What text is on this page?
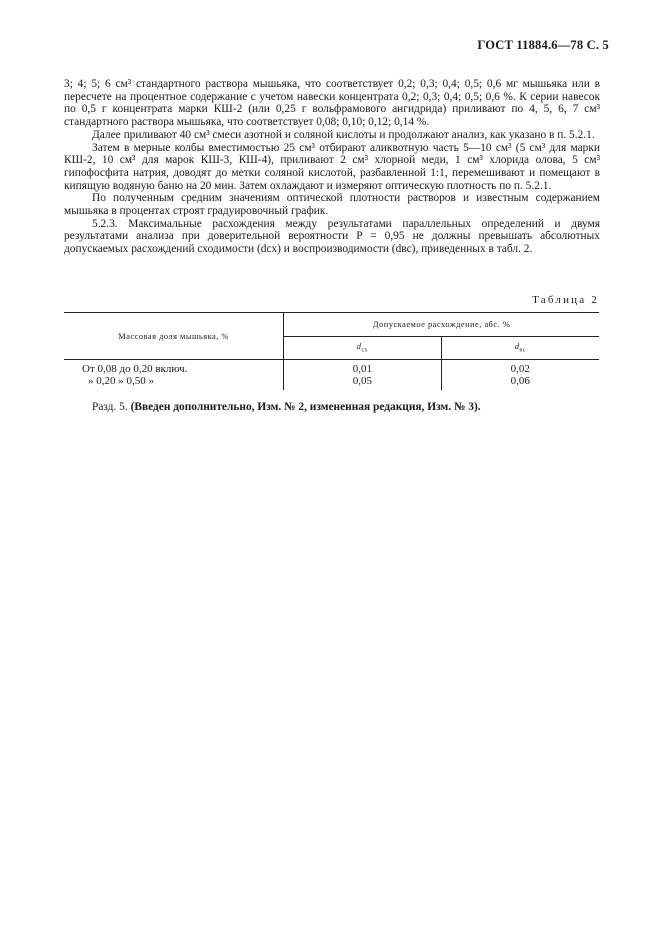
ГОСТ 11884.6—78 С. 5

3; 4; 5; 6 см³ стандартного раствора мышьяка, что соответствует 0,2; 0,3; 0,4; 0,5; 0,6 мг мышьяка или в пересчете на процентное содержание с учетом навески концентрата 0,2; 0,3; 0,4; 0,5; 0,6 %. К серии навесок по 0,5 г концентрата марки КШ-2 (или 0,25 г вольфрамового ангидрида) приливают по 4, 5, 6, 7 см³ стандартного раствора мышьяка, что соответствует 0,08; 0,10; 0,12; 0,14 %.

Далее приливают 40 см³ смеси азотной и соляной кислоты и продолжают анализ, как указано в п. 5.2.1.

Затем в мерные колбы вместимостью 25 см³ отбирают аликвотную часть 5—10 см³ (5 см³ для марки КШ-2, 10 см³ для марок КШ-3, КШ-4), приливают 2 см³ хлорной меди, 1 см³ хлорида олова, 5 см³ гипофосфита натрия, доводят до метки соляной кислотой, разбавленной 1:1, перемешивают и помещают в кипящую водяную баню на 20 мин. Затем охлаждают и измеряют оптическую плотность по п. 5.2.1.

По полученным средним значениям оптической плотности растворов и известным содержанием мышьяка в процентах строят градуировочный график.

5.2.3. Максимальные расхождения между результатами параллельных определений и двумя результатами анализа при доверительной вероятности P = 0,95 не должны превышать абсолютных допускаемых расхождений сходимости (dсх) и воспроизводимости (dвс), приведенных в табл. 2.

Таблица 2
Массовая доля мышьяка, %	Допускаемое расхождение, абс. %	
	$d_{сх}$	$d_{вс}$
От 0,08 до 0,20 включ.	0,01	0,02
» 0,20 » 0,50 »	0,05	0,06
Разд. 5. (Введен дополнительно, Изм. № 2, измененная редакция, Изм. № 3).
